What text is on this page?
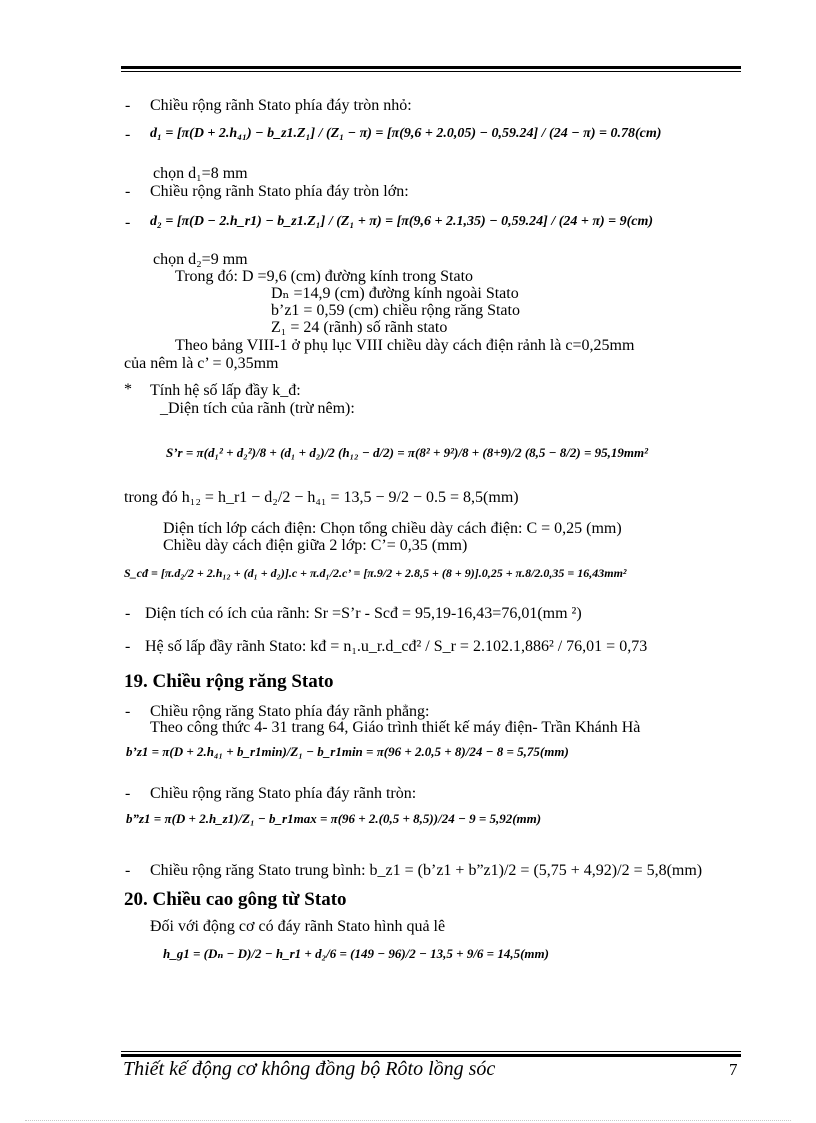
- Chiều rộng rãnh Stato phía đáy tròn nhỏ:
- d₁ = [π(D + 2.h₄₁) − b_z1.Z₁] / (Z₁ − π) = [π(9,6 + 2.0,05) − 0,59.24] / (24 − π) = 0.78(cm)
chọn d₁=8 mm
- Chiều rộng rãnh Stato phía đáy tròn lớn:
- d₂ = [π(D − 2.h_r1) − b_z1.Z₁] / (Z₁ + π) = [π(9,6 + 2.1,35) − 0,59.24] / (24 + π) = 9(cm)
chọn d₂=9 mm
Trong đó: D =9,6 (cm) đường kính trong Stato
Dₙ =14,9 (cm) đường kính ngoài Stato
b’z1 = 0,59 (cm) chiều rộng răng Stato
Z₁ = 24 (rãnh) số rãnh stato
Theo bảng VIII-1 ở phụ lục VIII chiều dày cách điện rảnh là c=0,25mm
của nêm là c’ = 0,35mm
* Tính hệ số lấp đầy k_đ:
_Diện tích của rãnh (trừ nêm):
S’r = π(d₁² + d₂²)/8 + (d₁ + d₂)/2 (h₁₂ − d/2) = π(8² + 9²)/8 + (8+9)/2 (8,5 − 8/2) = 95,19mm²
trong đó h₁₂ = h_r1 − d₂/2 − h₄₁ = 13,5 − 9/2 − 0.5 = 8,5(mm)
Diện tích lớp cách điện: Chọn tổng chiều dày cách điện: C = 0,25 (mm)
Chiều dày cách điện giữa 2 lớp: C’= 0,35 (mm)
S_cđ = [π.d₂/2 + 2.h₁₂ + (d₁ + d₂)].c + π.d₁/2.c’ = [π.9/2 + 2.8,5 + (8 + 9)].0,25 + π.8/2.0,35 = 16,43mm²
- Diện tích có ích của rãnh: Sr =S’r - Scđ = 95,19-16,43=76,01(mm ²)
- Hệ số lấp đầy rãnh Stato: kđ = n₁.u_r.d_cđ² / S_r = 2.102.1,886² / 76,01 = 0,73
19. Chiều rộng răng Stato
- Chiều rộng răng Stato phía đáy rãnh phẳng:
Theo công thức 4- 31 trang 64, Giáo trình thiết kế máy điện- Trần Khánh Hà
b’z1 = π(D + 2.h₄₁ + b_r1min)/Z₁ − b_r1min = π(96 + 2.0,5 + 8)/24 − 8 = 5,75(mm)
- Chiều rộng răng Stato phía đáy rãnh tròn:
b”z1 = π(D + 2.h_z1)/Z₁ − b_r1max = π(96 + 2.(0,5 + 8,5))/24 − 9 = 5,92(mm)
- Chiều rộng răng Stato trung bình: b_z1 = (b’z1 + b”z1)/2 = (5,75 + 4,92)/2 = 5,8(mm)
20. Chiều cao gông từ Stato
Đối với động cơ có đáy rãnh Stato hình quả lê
h_g1 = (Dₙ − D)/2 − h_r1 + d₂/6 = (149 − 96)/2 − 13,5 + 9/6 = 14,5(mm)
Thiết kế động cơ không đồng bộ Rôto lồng sóc	7
